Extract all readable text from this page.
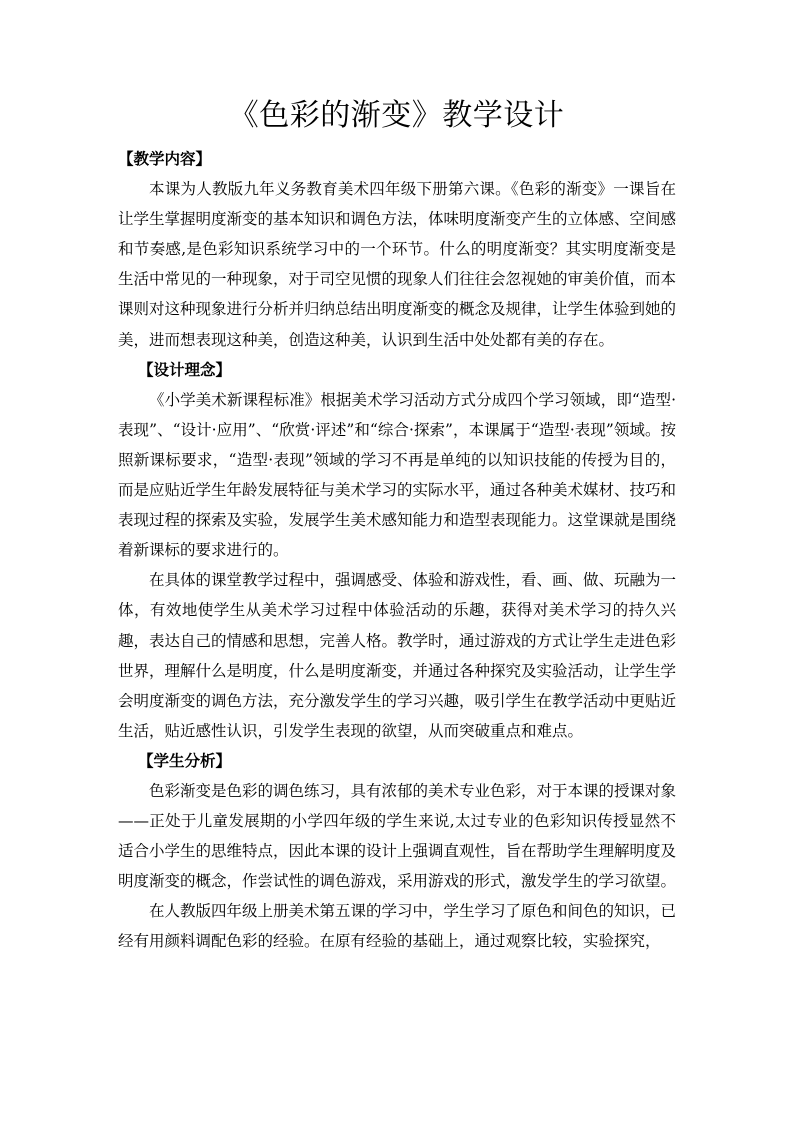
《色彩的渐变》教学设计

【教学内容】

本课为人教版九年义务教育美术四年级下册第六课。《色彩的渐变》一课旨在让学生掌握明度渐变的基本知识和调色方法，体味明度渐变产生的立体感、空间感和节奏感,是色彩知识系统学习中的一个环节。什么的明度渐变？其实明度渐变是生活中常见的一种现象，对于司空见惯的现象人们往往会忽视她的审美价值，而本课则对这种现象进行分析并归纳总结出明度渐变的概念及规律，让学生体验到她的美，进而想表现这种美，创造这种美，认识到生活中处处都有美的存在。

【设计理念】

《小学美术新课程标准》根据美术学习活动方式分成四个学习领域，即“造型·表现”、“设计·应用”、“欣赏·评述”和“综合·探索”，本课属于“造型·表现”领域。按照新课标要求，“造型·表现”领域的学习不再是单纯的以知识技能的传授为目的，而是应贴近学生年龄发展特征与美术学习的实际水平，通过各种美术媒材、技巧和表现过程的探索及实验，发展学生美术感知能力和造型表现能力。这堂课就是围绕着新课标的要求进行的。

在具体的课堂教学过程中，强调感受、体验和游戏性，看、画、做、玩融为一体，有效地使学生从美术学习过程中体验活动的乐趣，获得对美术学习的持久兴趣，表达自己的情感和思想，完善人格。教学时，通过游戏的方式让学生走进色彩世界，理解什么是明度，什么是明度渐变，并通过各种探究及实验活动，让学生学会明度渐变的调色方法，充分激发学生的学习兴趣，吸引学生在教学活动中更贴近生活，贴近感性认识，引发学生表现的欲望，从而突破重点和难点。

【学生分析】

色彩渐变是色彩的调色练习，具有浓郁的美术专业色彩，对于本课的授课对象——正处于儿童发展期的小学四年级的学生来说,太过专业的色彩知识传授显然不适合小学生的思维特点，因此本课的设计上强调直观性，旨在帮助学生理解明度及明度渐变的概念，作尝试性的调色游戏，采用游戏的形式，激发学生的学习欲望。

在人教版四年级上册美术第五课的学习中，学生学习了原色和间色的知识，已经有用颜料调配色彩的经验。在原有经验的基础上，通过观察比较，实验探究，
